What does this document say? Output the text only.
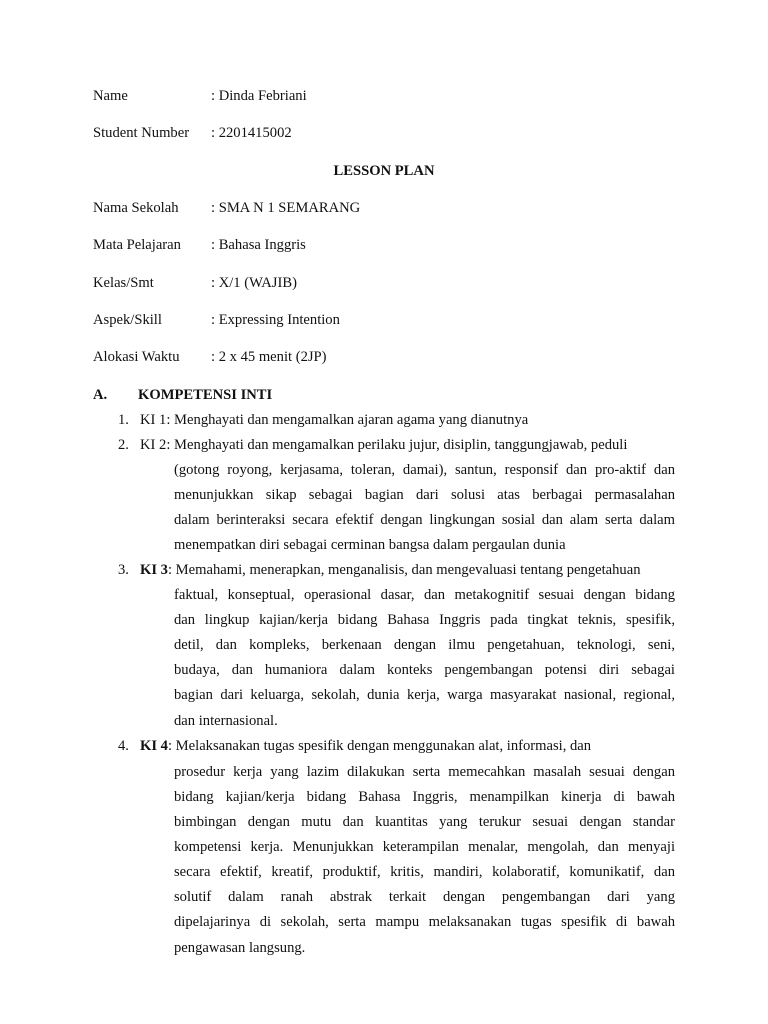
Name	: Dinda Febriani
Student Number : 2201415002
LESSON PLAN
Nama Sekolah : SMA N 1 SEMARANG
Mata Pelajaran : Bahasa Inggris
Kelas/Smt	: X/1 (WAJIB)
Aspek/Skill	: Expressing Intention
Alokasi Waktu : 2 x 45 menit (2JP)
A. KOMPETENSI INTI
1. KI 1: Menghayati dan mengamalkan ajaran agama yang dianutnya
2. KI 2: Menghayati dan mengamalkan perilaku jujur, disiplin, tanggungjawab, peduli
(gotong royong, kerjasama, toleran, damai), santun, responsif dan pro-aktif dan
menunjukkan sikap sebagai bagian dari solusi atas berbagai permasalahan
dalam berinteraksi secara efektif dengan lingkungan sosial dan alam serta dalam
menempatkan diri sebagai cerminan bangsa dalam pergaulan dunia
3. KI 3: Memahami, menerapkan, menganalisis, dan mengevaluasi tentang pengetahuan
faktual, konseptual, operasional dasar, dan metakognitif sesuai dengan bidang
dan lingkup kajian/kerja bidang Bahasa Inggris pada tingkat teknis, spesifik,
detil, dan kompleks, berkenaan dengan ilmu pengetahuan, teknologi, seni,
budaya, dan humaniora dalam konteks pengembangan potensi diri sebagai
bagian dari keluarga, sekolah, dunia kerja, warga masyarakat nasional, regional,
dan internasional.
4. KI 4: Melaksanakan tugas spesifik dengan menggunakan alat, informasi, dan
prosedur kerja yang lazim dilakukan serta memecahkan masalah sesuai dengan
bidang kajian/kerja bidang Bahasa Inggris, menampilkan kinerja di bawah
bimbingan dengan mutu dan kuantitas yang terukur sesuai dengan standar
kompetensi kerja. Menunjukkan keterampilan menalar, mengolah, dan menyaji
secara efektif, kreatif, produktif, kritis, mandiri, kolaboratif, komunikatif, dan
solutif dalam ranah abstrak terkait dengan pengembangan dari yang
dipelajarinya di sekolah, serta mampu melaksanakan tugas spesifik di bawah
pengawasan langsung.
